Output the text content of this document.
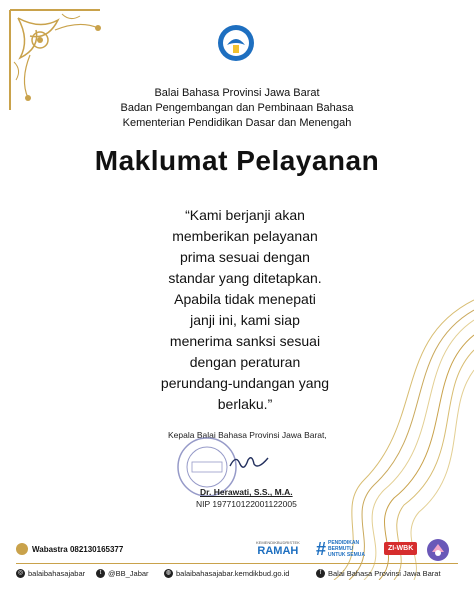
Balai Bahasa Provinsi Jawa Barat
Badan Pengembangan dan Pembinaan Bahasa
Kementerian Pendidikan Dasar dan Menengah
Maklumat Pelayanan
“Kami berjanji akan
memberikan pelayanan
prima sesuai dengan
standar yang ditetapkan.
Apabila tidak menepati
janji ini, kami siap
menerima sanksi sesuai
dengan peraturan
perundang-undangan yang
berlaku.”
Kepala Balai Bahasa Provinsi Jawa Barat,
Dr. Herawati, S.S., M.A.
NIP 197710122001122005
Wabastra 082130165377
KEMENDIKBUDRISTEK
RAMAH # PENDIDIKAN
BERMUTU
UNTUK SEMUA
ZI-WBK
◎ balaibahasajabar	t @BB_Jabar	◍ balaibahasajabar.kemdikbud.go.id	f Balai Bahasa Provinsi Jawa Barat
